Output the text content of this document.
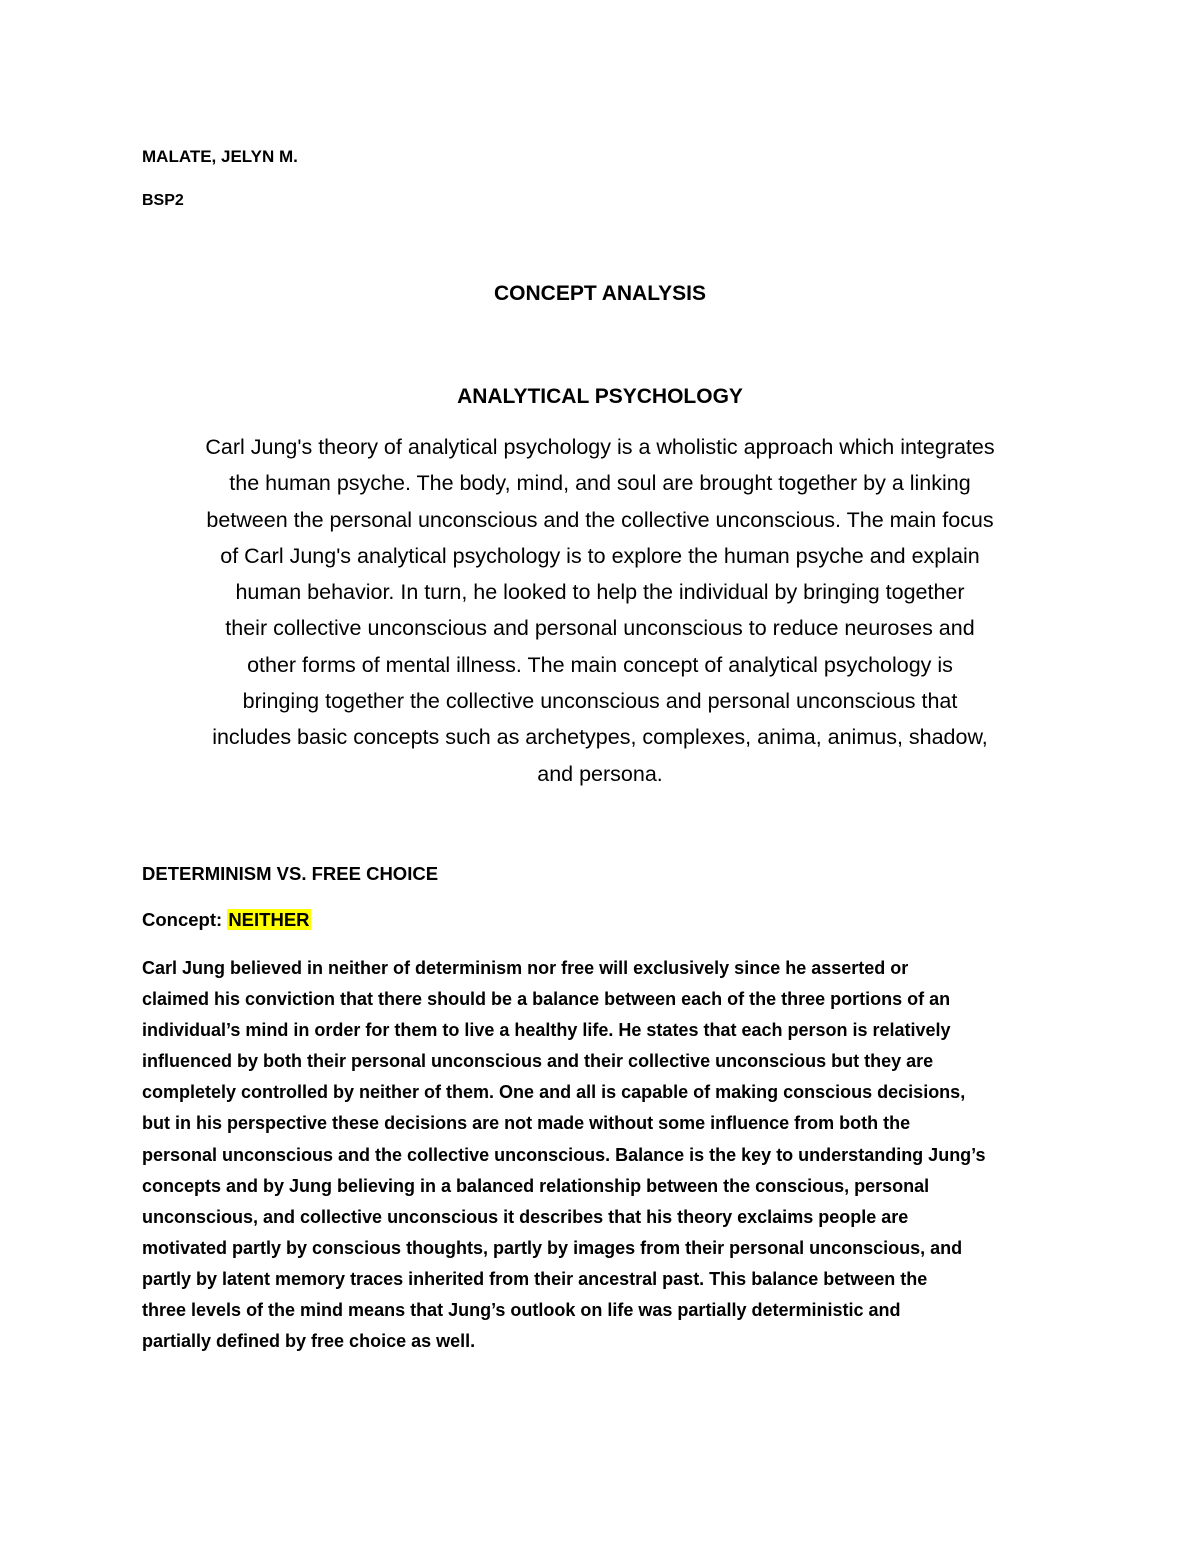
MALATE, JELYN M.
BSP2
CONCEPT ANALYSIS
ANALYTICAL PSYCHOLOGY
Carl Jung's theory of analytical psychology is a wholistic approach which integrates
the human psyche. The body, mind, and soul are brought together by a linking
between the personal unconscious and the collective unconscious. The main focus
of Carl Jung's analytical psychology is to explore the human psyche and explain
human behavior. In turn, he looked to help the individual by bringing together
their collective unconscious and personal unconscious to reduce neuroses and
other forms of mental illness. The main concept of analytical psychology is
bringing together the collective unconscious and personal unconscious that
includes basic concepts such as archetypes, complexes, anima, animus, shadow,
and persona.
DETERMINISM VS. FREE CHOICE
Concept: NEITHER
Carl Jung believed in neither of determinism nor free will exclusively since he asserted or
claimed his conviction that there should be a balance between each of the three portions of an
individual’s mind in order for them to live a healthy life. He states that each person is relatively
influenced by both their personal unconscious and their collective unconscious but they are
completely controlled by neither of them. One and all is capable of making conscious decisions,
but in his perspective these decisions are not made without some influence from both the
personal unconscious and the collective unconscious. Balance is the key to understanding Jung’s
concepts and by Jung believing in a balanced relationship between the conscious, personal
unconscious, and collective unconscious it describes that his theory exclaims people are
motivated partly by conscious thoughts, partly by images from their personal unconscious, and
partly by latent memory traces inherited from their ancestral past. This balance between the
three levels of the mind means that Jung’s outlook on life was partially deterministic and
partially defined by free choice as well.
